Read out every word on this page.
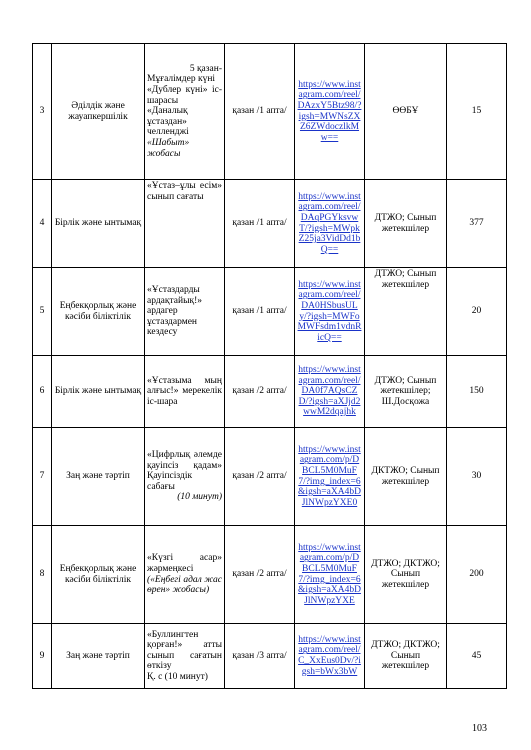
3	Әділдік және жауапкершілік	5 қазан-
Мұғалімдер күні
«Дублер күні» іс-шарасы
«Даналық ұстаздан» челленджі
«Шабыт» жобасы	қазан /1 апта/	https://www.instagram.com/reel/DAzxY5Btz98/?igsh=MWNsZXZ6ZWdoczlkMw==	ӨӨБҰ	15
4	Бірлік және ынтымақ	«Ұстаз–ұлы есім» сынып сағаты	қазан /1 апта/	https://www.instagram.com/reel/DAqPGYksvwT/?igsh=MWpkZ25ja3VidDd1bQ==	ДТЖО; Сынып жетекшілер	377
5	Еңбекқорлық және кәсіби біліктілік	«Ұстаздарды ардақтайық!» ардагер ұстаздармен кездесу	қазан /1 апта/	https://www.instagram.com/reel/DA0HSbusULy/?igsh=MWFoMWFsdm1vdnRicQ==	ДТЖО; Сынып жетекшілер	20
6	Бірлік және ынтымақ	«Ұстазыма мың алғыс!» мерекелік іс-шара	қазан /2 апта/	https://www.instagram.com/reel/DA0f7AQsCZD/?igsh=aXJjd2wwM2dqajhk	ДТЖО; Сынып жетекшілер; Ш.Досқожа	150
7	Заң және тәртіп	«Цифрлық әлемде қауіпсіз қадам» Қауіпсіздік сабағы
(10 минут)	қазан /2 апта/	https://www.instagram.com/p/DBCL5M0MuF7/?img_index=6&igsh=aXA4bDJlNWpzYXE0	ДКТЖО; Сынып жетекшілер	30
8	Еңбекқорлық және кәсіби біліктілік	«Күзгі асар» жәрмеңкесі
(«Еңбегі адал жас өрен» жобасы)	қазан /2 апта/	https://www.instagram.com/p/DBCL5M0MuF7/?img_index=6&igsh=aXA4bDJlNWpzYXE	ДТЖО; ДКТЖО; Сынып жетекшілер	200
9	Заң және тәртіп	«Буллингтен қорған!» атты сынып сағатын өткізу
Қ. с (10 минут)	қазан /3 апта/	https://www.instagram.com/reel/C_XxEus0Dv/?igsh=bWx3bW	ДТЖО; ДКТЖО; Сынып жетекшілер	45
103
